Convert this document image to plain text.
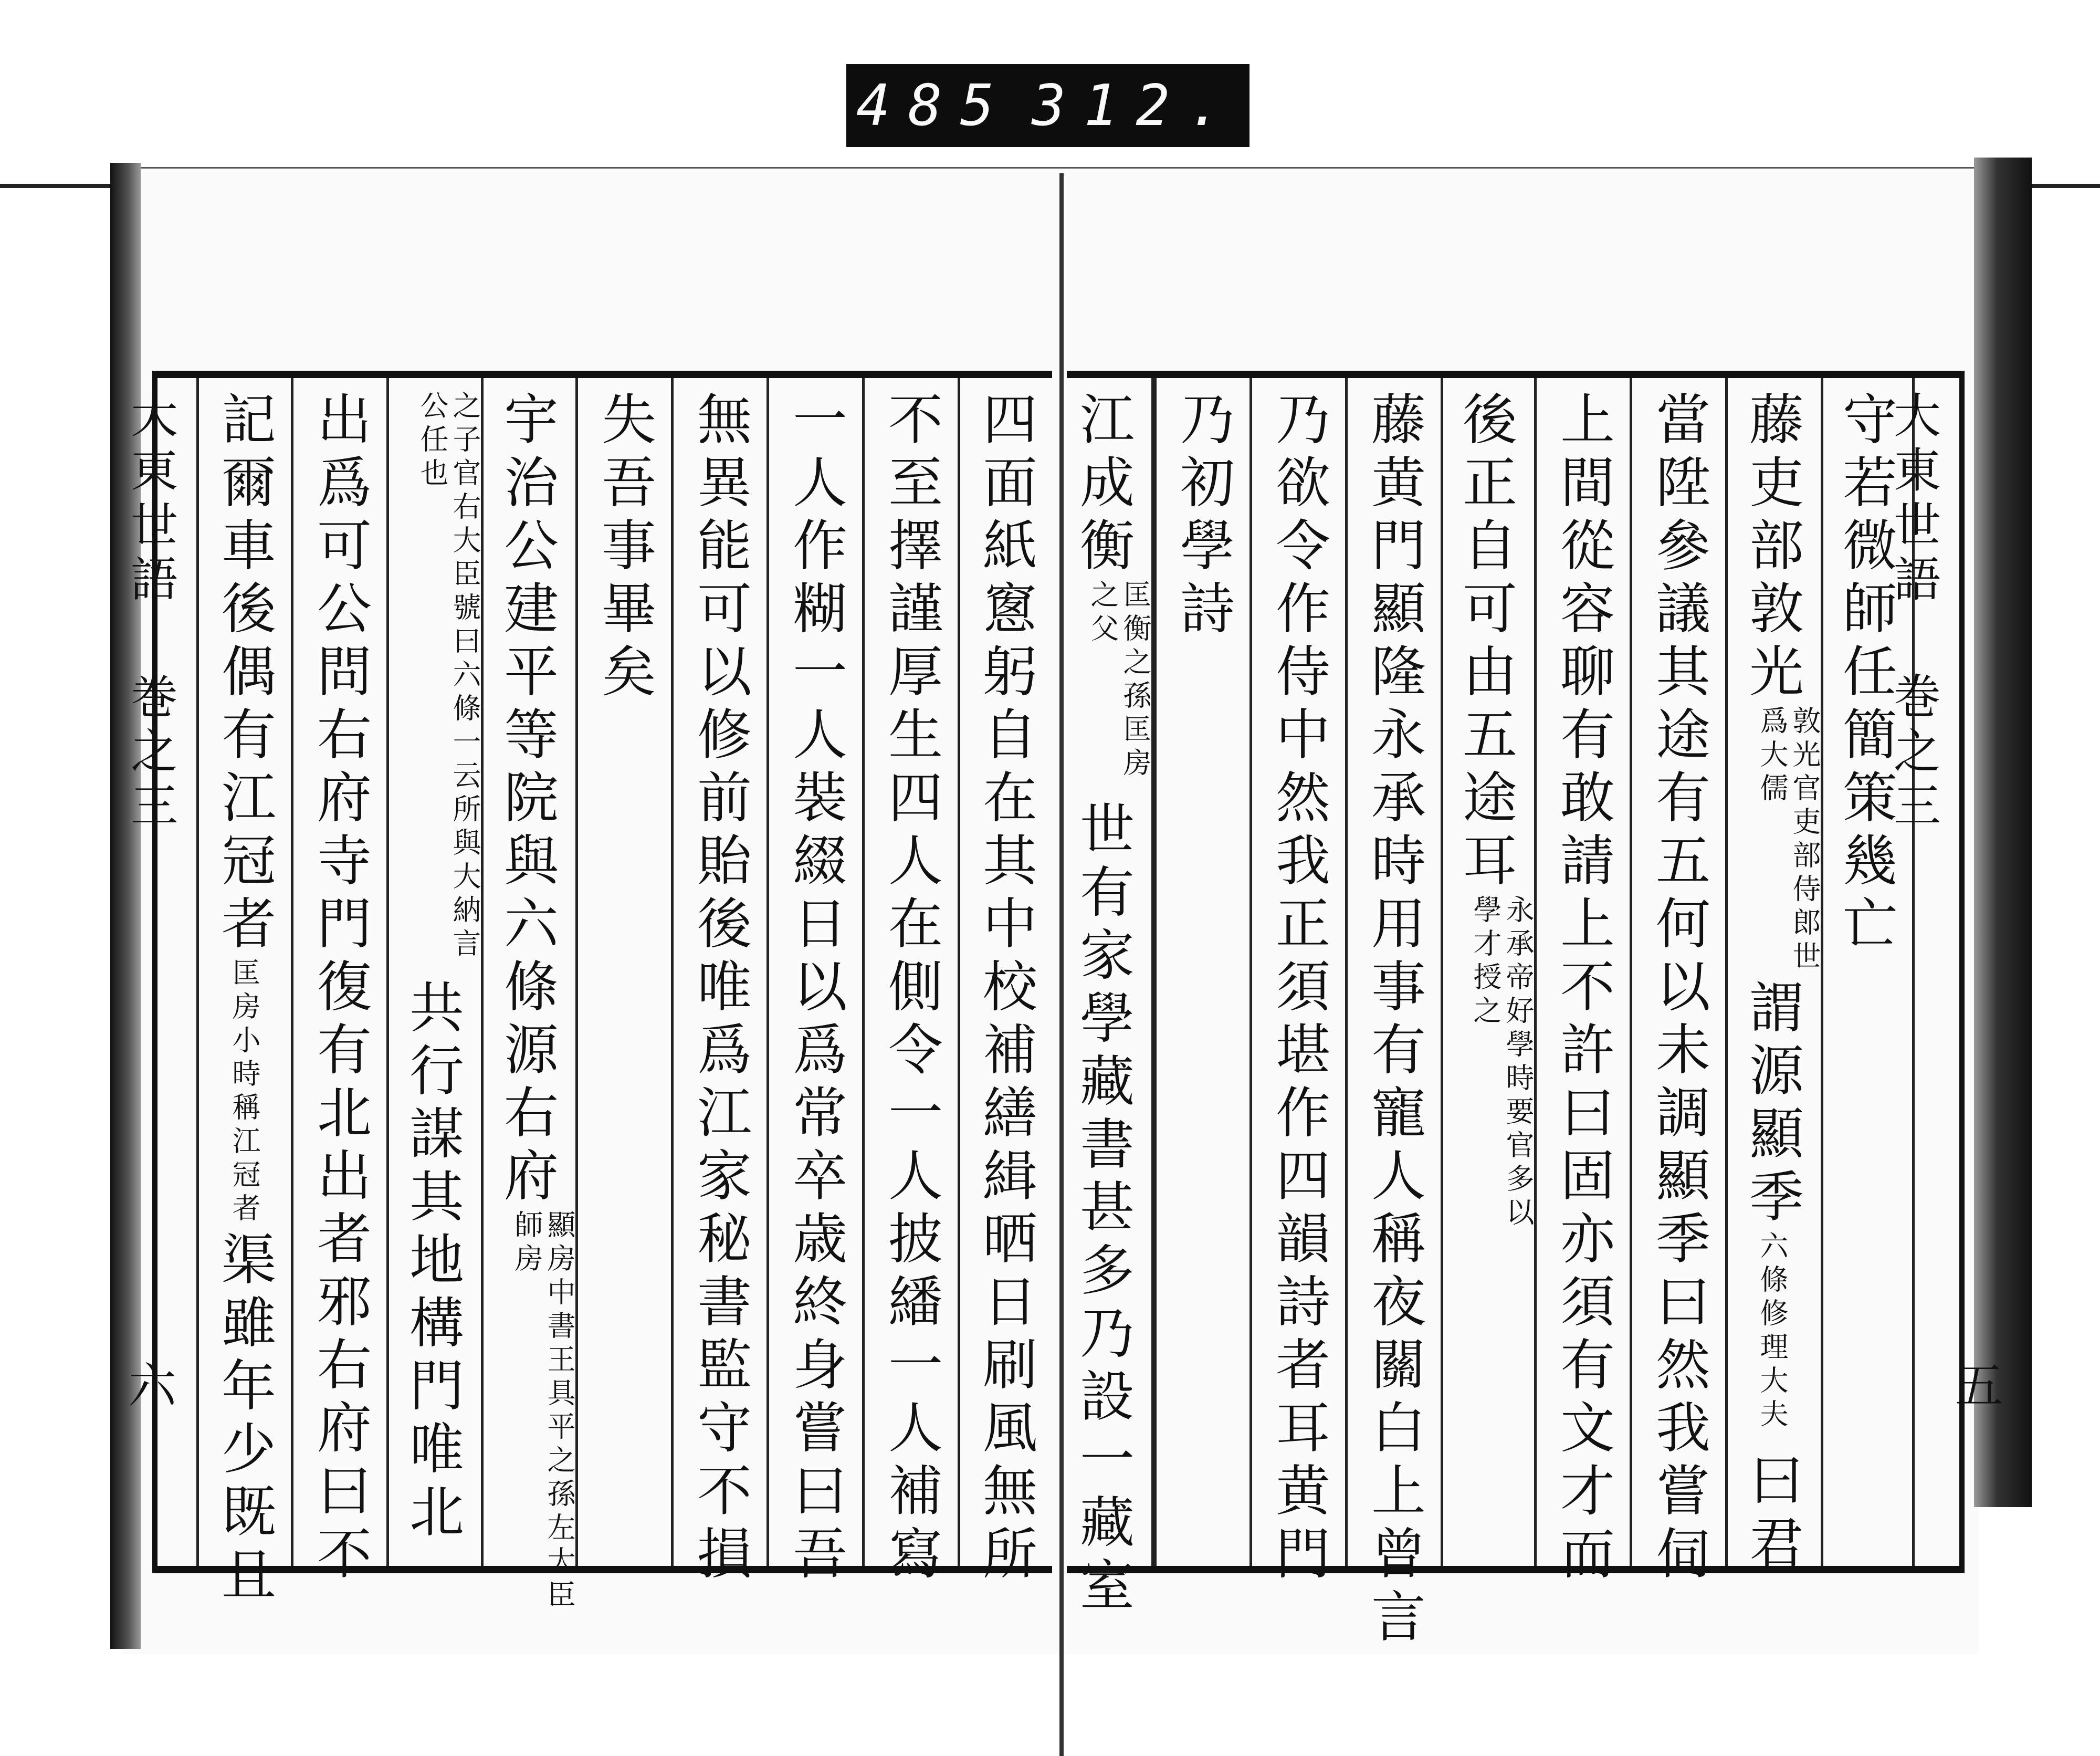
485 312.
大東世語 巻之三
守若微師任簡策幾亡
藤吏部敦光敦光官吏部侍郎世爲大儒謂源顯季六條修理大夫曰君
當陞參議其途有五何以未調顯季曰然我嘗伺
上間從容聊有敢請上不許曰固亦須有文才而
後正自可由五途耳永承帝好學時要官多以學才授之
藤黄門顯隆永承時用事有寵人稱夜關白上曾言
乃欲令作侍中然我正須堪作四韻詩者耳黄門
乃初學詩
江成衡匡衡之孫匡房之父世有家學藏書甚多乃設一藏室	五
四面紙窻躬自在其中校補繕緝晒日刷風無所
不至擇謹厚生四人在側令一人披繙一人補寫
一人作糊一人裝綴日以爲常卒歳終身嘗曰吾
無異能可以修前貽後唯爲江家秘書監守不損
失吾事畢矣
宇治公建平等院與六條源右府顯房中書王具平之孫左大臣師房
之子官右大臣號曰六條一云所與大納言公任也共行謀其地構門唯北
出爲可公問右府寺門復有北出者邪右府曰不
記爾車後偶有江冠者匡房小時稱江冠者渠雖年少既且
六
